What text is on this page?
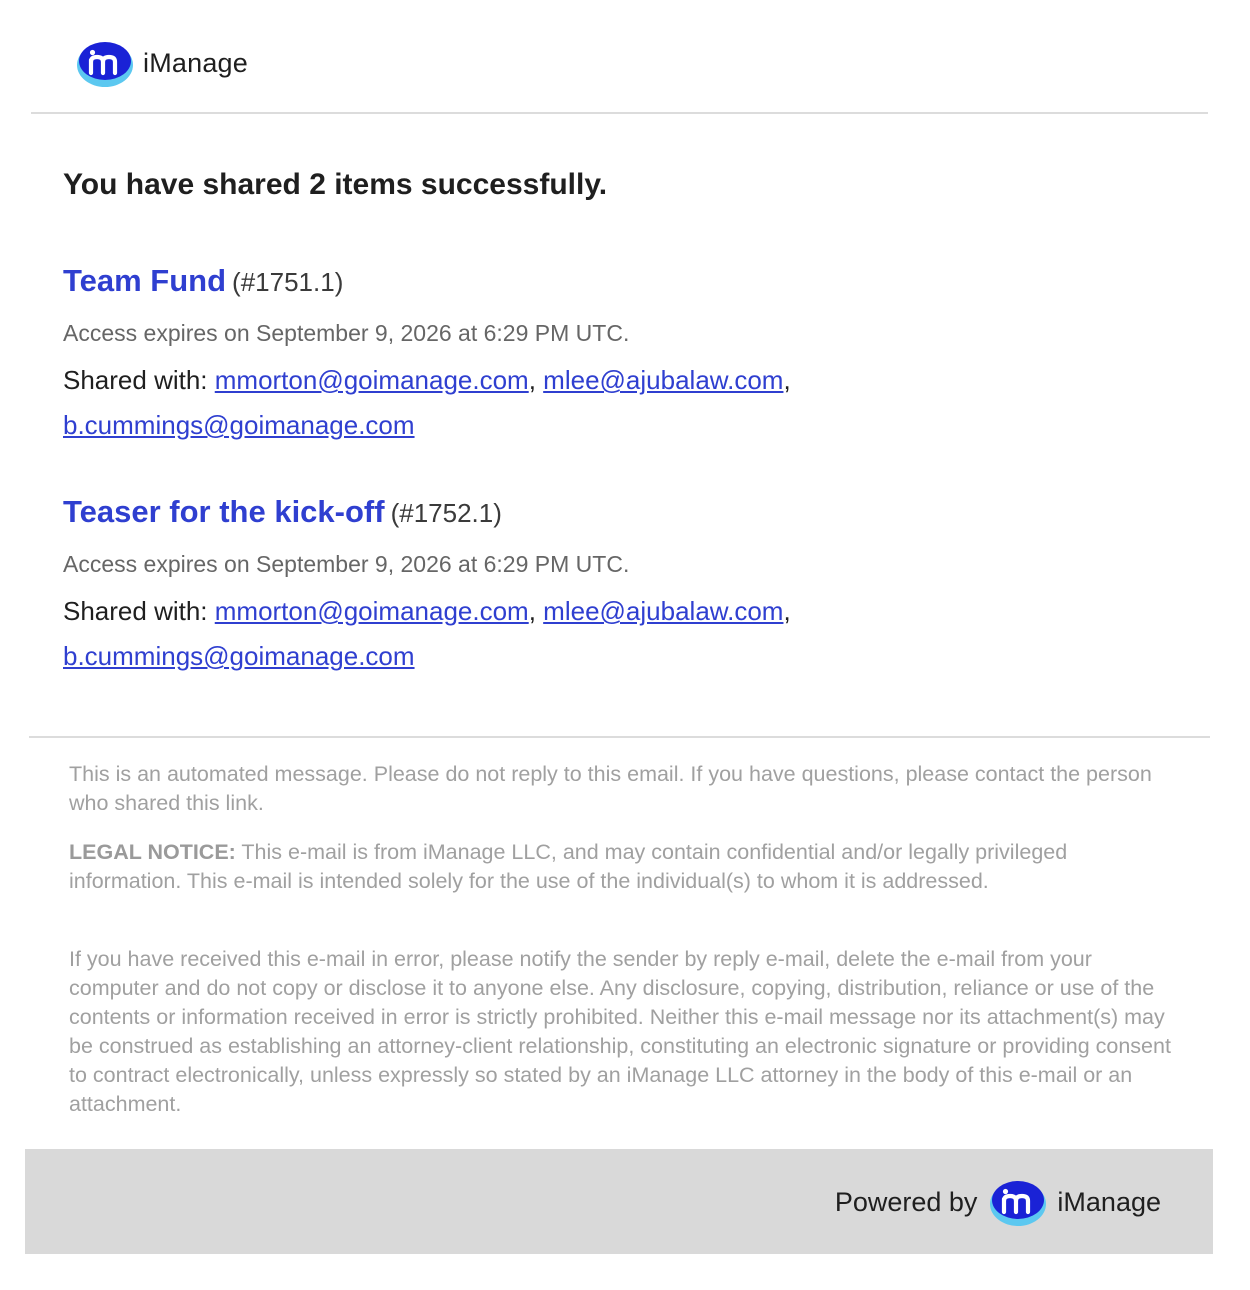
iManage
You have shared 2 items successfully.
Team Fund (#1751.1)
Access expires on September 9, 2026 at 6:29 PM UTC.
Shared with: mmorton@goimanage.com, mlee@ajubalaw.com, b.cummings@goimanage.com
Teaser for the kick-off (#1752.1)
Access expires on September 9, 2026 at 6:29 PM UTC.
Shared with: mmorton@goimanage.com, mlee@ajubalaw.com, b.cummings@goimanage.com

This is an automated message. Please do not reply to this email. If you have questions, please contact the person who shared this link.

LEGAL NOTICE: This e-mail is from iManage LLC, and may contain confidential and/or legally privileged information. This e-mail is intended solely for the use of the individual(s) to whom it is addressed.

If you have received this e-mail in error, please notify the sender by reply e-mail, delete the e-mail from your computer and do not copy or disclose it to anyone else. Any disclosure, copying, distribution, reliance or use of the contents or information received in error is strictly prohibited. Neither this e-mail message nor its attachment(s) may be construed as establishing an attorney-client relationship, constituting an electronic signature or providing consent to contract electronically, unless expressly so stated by an iManage LLC attorney in the body of this e-mail or an attachment.

Powered by	iManage
